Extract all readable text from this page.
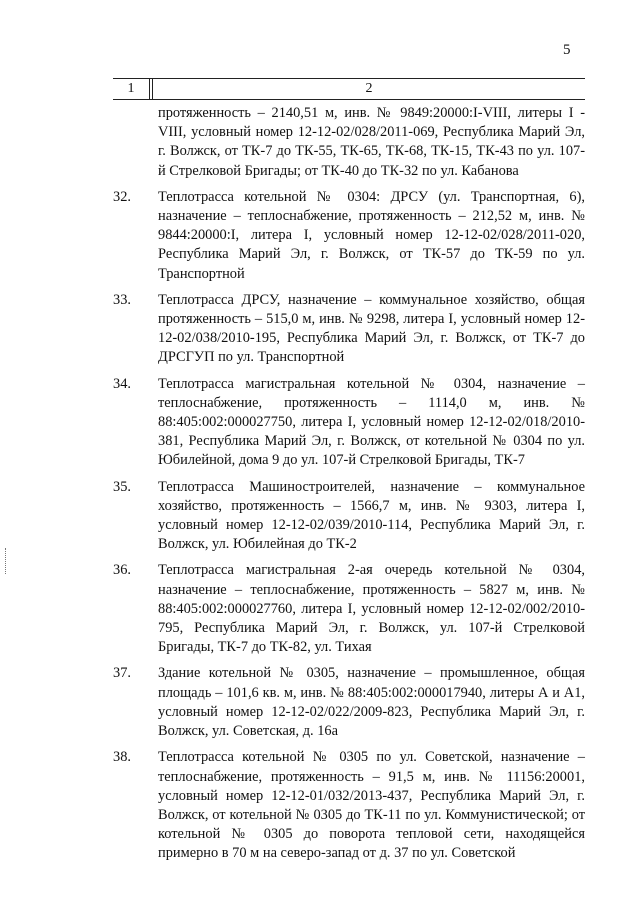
5
1	2
протяженность – 2140,51 м, инв. № 9849:20000:I-VIII, литеры I - VIII, условный номер 12-12-02/028/2011-069, Республика Марий Эл, г. Волжск, от ТК-7 до ТК-55, ТК-65, ТК-68, ТК-15, ТК-43 по ул. 107-й Стрелковой Бригады; от ТК-40 до ТК-32 по ул. Кабанова
32.	Теплотрасса котельной № 0304: ДРСУ (ул. Транспортная, 6), назначение – теплоснабжение, протяженность – 212,52 м, инв. № 9844:20000:I, литера I, условный номер 12-12-02/028/2011-020, Республика Марий Эл, г. Волжск, от ТК-57 до ТК-59 по ул. Транспортной
33.	Теплотрасса ДРСУ, назначение – коммунальное хозяйство, общая протяженность – 515,0 м, инв. № 9298, литера I, условный номер 12-12-02/038/2010-195, Республика Марий Эл, г. Волжск, от ТК-7 до ДРСГУП по ул. Транспортной
34.	Теплотрасса магистральная котельной № 0304, назначение – теплоснабжение, протяженность – 1114,0 м, инв. № 88:405:002:000027750, литера I, условный номер 12-12-02/018/2010-381, Республика Марий Эл, г. Волжск, от котельной № 0304 по ул. Юбилейной, дома 9 до ул. 107-й Стрелковой Бригады, ТК-7
35.	Теплотрасса Машиностроителей, назначение – коммунальное хозяйство, протяженность – 1566,7 м, инв. № 9303, литера I, условный номер 12-12-02/039/2010-114, Республика Марий Эл, г. Волжск, ул. Юбилейная до ТК-2
36.	Теплотрасса магистральная 2-ая очередь котельной № 0304, назначение – теплоснабжение, протяженность – 5827 м, инв. № 88:405:002:000027760, литера I, условный номер 12-12-02/002/2010-795, Республика Марий Эл, г. Волжск, ул. 107-й Стрелковой Бригады, ТК-7 до ТК-82, ул. Тихая
37.	Здание котельной № 0305, назначение – промышленное, общая площадь – 101,6 кв. м, инв. № 88:405:002:000017940, литеры А и А1, условный номер 12-12-02/022/2009-823, Республика Марий Эл, г. Волжск, ул. Советская, д. 16а
38.	Теплотрасса котельной № 0305 по ул. Советской, назначение – теплоснабжение, протяженность – 91,5 м, инв. № 11156:20001, условный номер 12-12-01/032/2013-437, Республика Марий Эл, г. Волжск, от котельной № 0305 до ТК-11 по ул. Коммунистической; от котельной № 0305 до поворота тепловой сети, находящейся примерно в 70 м на северо-запад от д. 37 по ул. Советской
